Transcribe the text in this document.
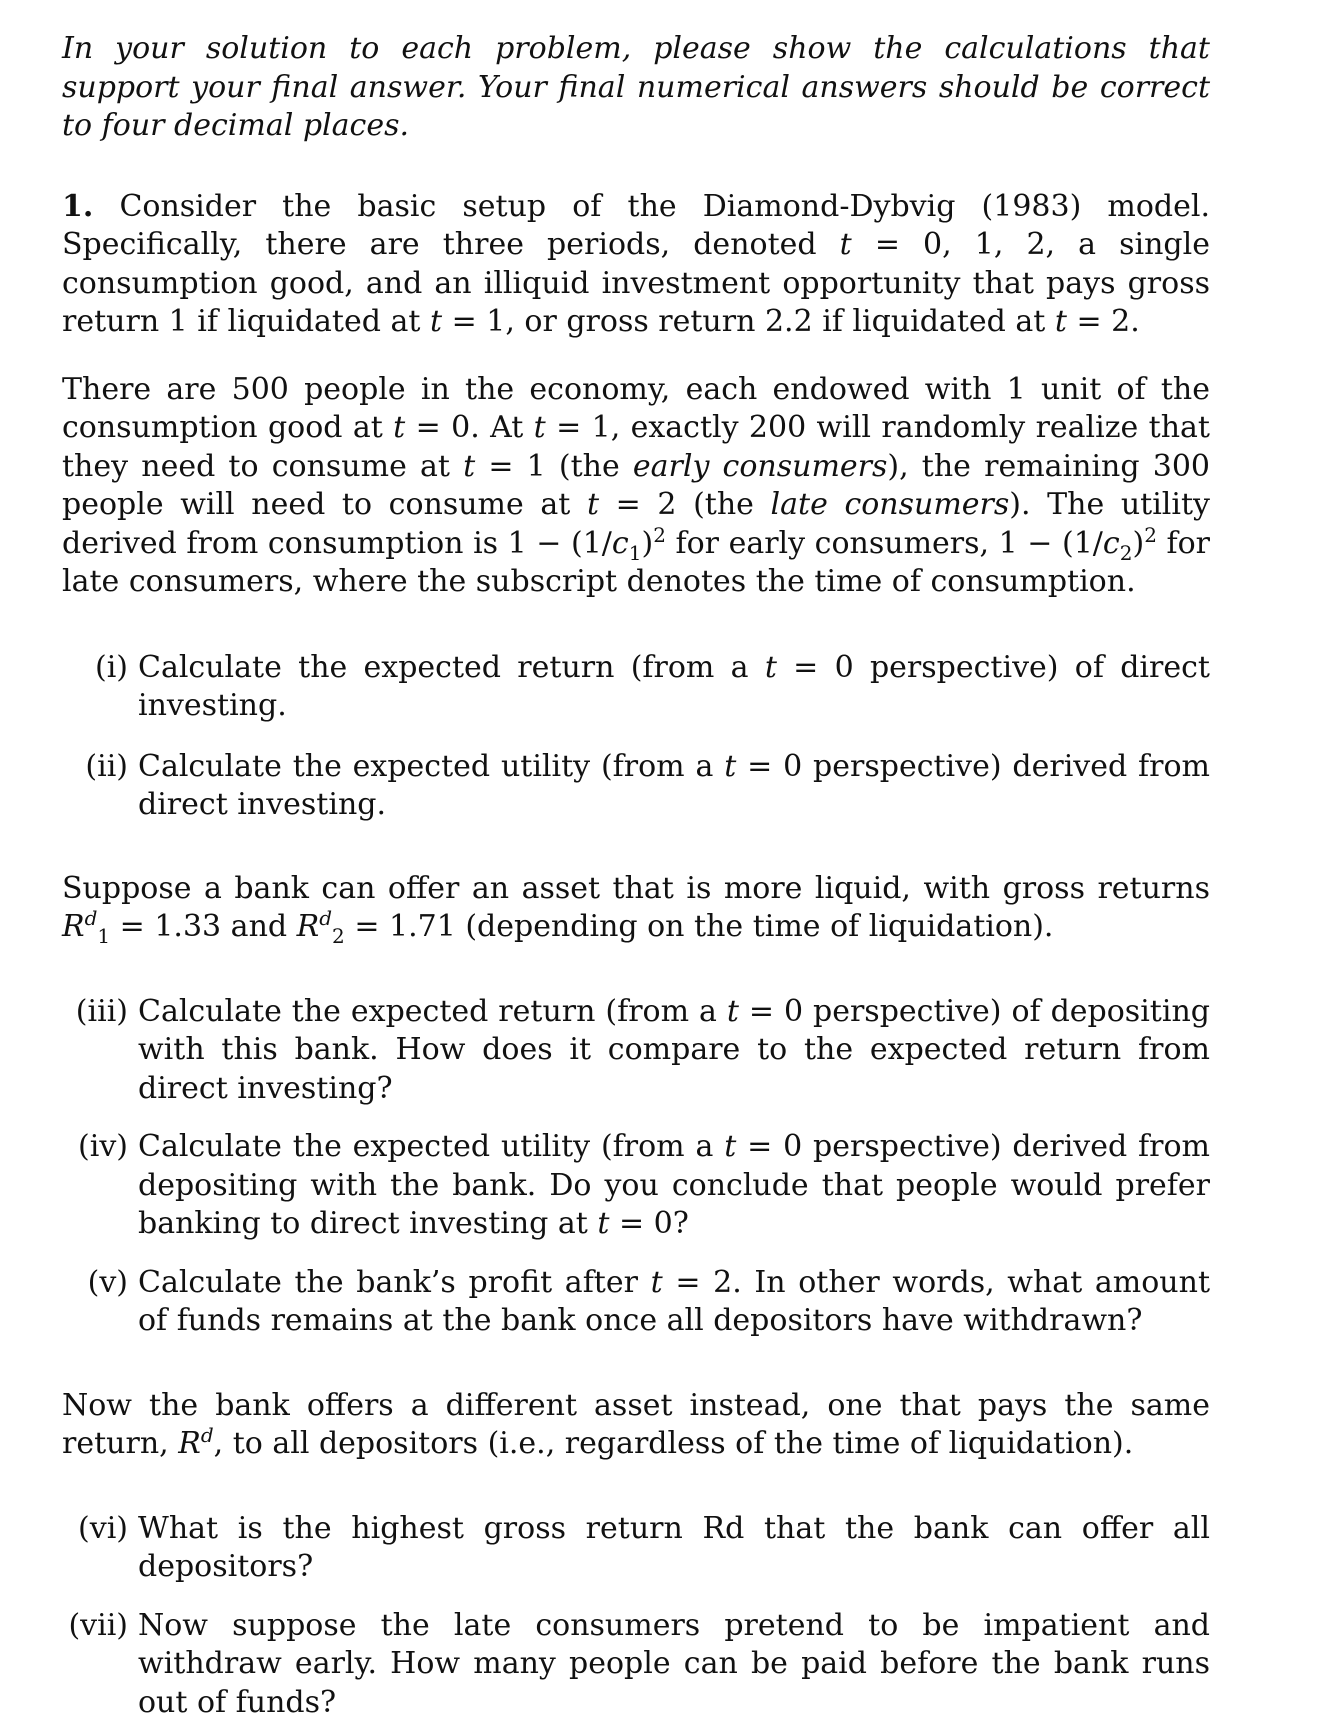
In your solution to each problem, please show the calculations that support your final answer. Your final numerical answers should be correct to four decimal places.

1. Consider the basic setup of the Diamond-Dybvig (1983) model. Specifically, there are three periods, denoted t = 0, 1, 2, a single consumption good, and an illiquid investment opportunity that pays gross return 1 if liquidated at t = 1, or gross return 2.2 if liquidated at t = 2.

There are 500 people in the economy, each endowed with 1 unit of the consumption good at t = 0. At t = 1, exactly 200 will randomly realize that they need to consume at t = 1 (the early consumers), the remaining 300 people will need to consume at t = 2 (the late consumers). The utility derived from consumption is $1 - (1/c_1)^2$ for early consumers, $1 - (1/c_2)^2$ for late consumers, where the subscript denotes the time of consumption.

(i) Calculate the expected return (from a t = 0 perspective) of direct investing.

(ii) Calculate the expected utility (from a t = 0 perspective) derived from direct investing.

Suppose a bank can offer an asset that is more liquid, with gross returns $R^d_1 = 1.33$ and $R^d_2 = 1.71$ (depending on the time of liquidation).

(iii) Calculate the expected return (from a t = 0 perspective) of depositing with this bank. How does it compare to the expected return from direct investing?

(iv) Calculate the expected utility (from a t = 0 perspective) derived from depositing with the bank. Do you conclude that people would prefer banking to direct investing at t = 0?

(v) Calculate the bank’s profit after t = 2. In other words, what amount of funds remains at the bank once all depositors have withdrawn?

Now the bank offers a different asset instead, one that pays the same return, $R^d$, to all depositors (i.e., regardless of the time of liquidation).

(vi) What is the highest gross return Rd that the bank can offer all depositors?

(vii) Now suppose the late consumers pretend to be impatient and withdraw early. How many people can be paid before the bank runs out of funds?
